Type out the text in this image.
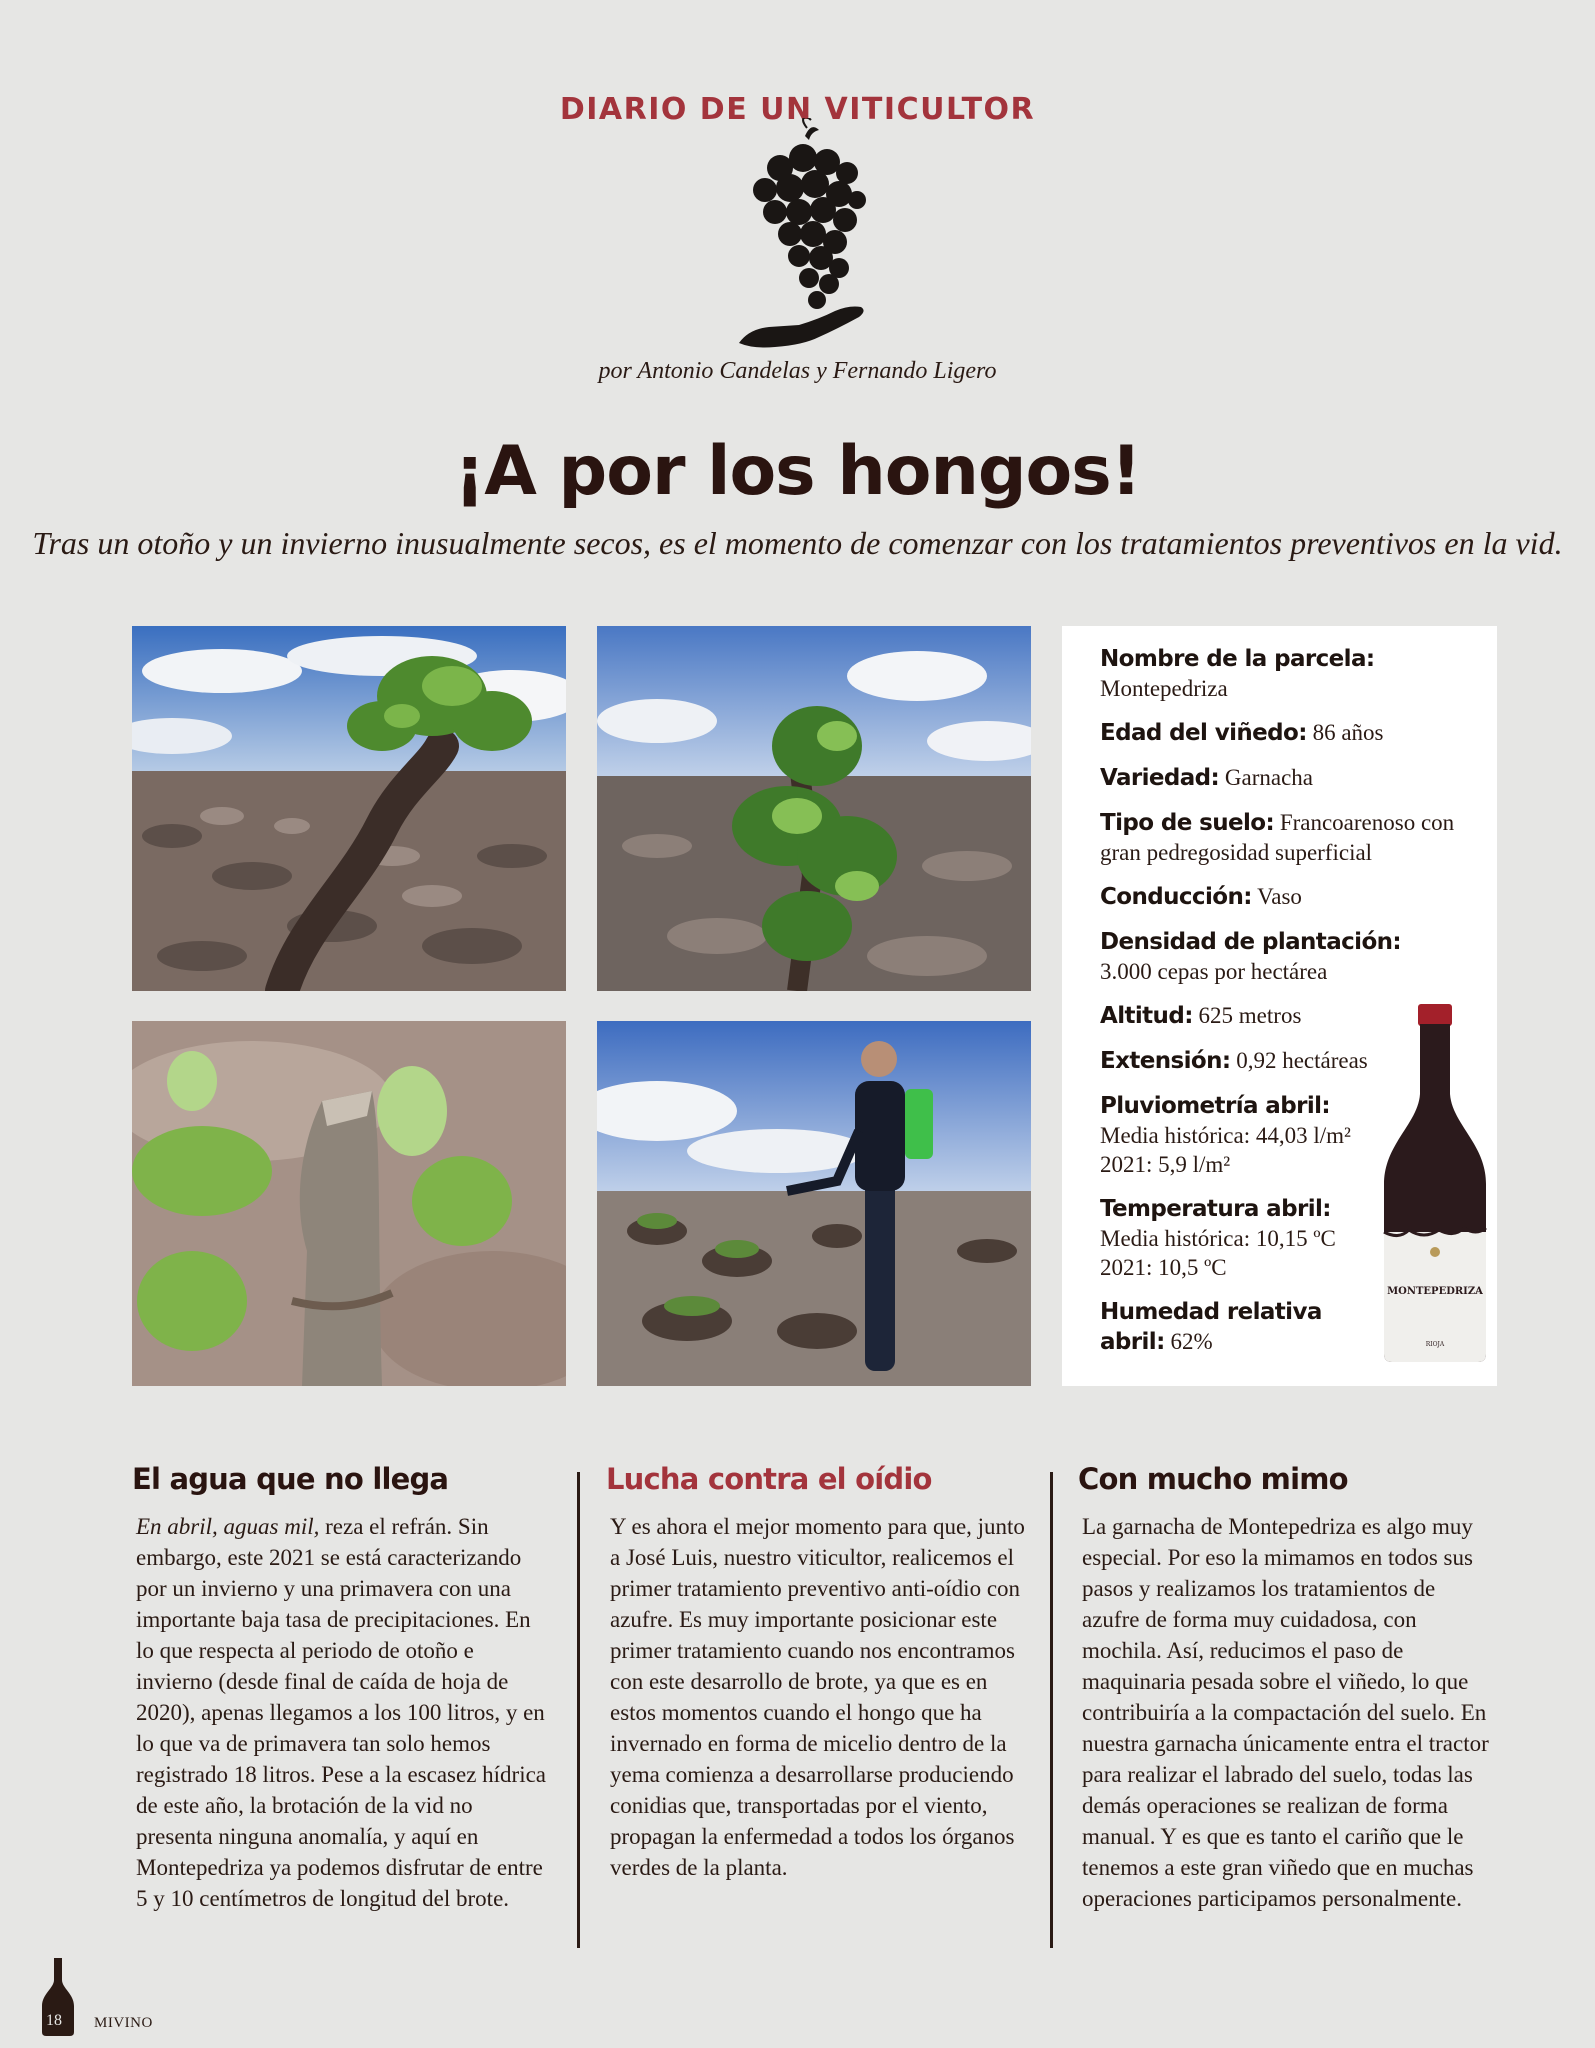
DIARIO DE UN VITICULTOR
por Antonio Candelas y Fernando Ligero
¡A por los hongos!
Tras un otoño y un invierno inusualmente secos, es el momento de comenzar con los tratamientos preventivos en la vid.
Nombre de la parcela:
Montepedriza
Edad del viñedo: 86 años
Variedad: Garnacha
Tipo de suelo: Francoarenoso con gran pedregosidad superficial
Conducción: Vaso
Densidad de plantación:
3.000 cepas por hectárea
Altitud: 625 metros
Extensión: 0,92 hectáreas
Pluviometría abril:
Media histórica: 44,03 l/m²
2021: 5,9 l/m²
Temperatura abril:
Media histórica: 10,15 ºC
2021: 10,5 ºC
Humedad relativa abril: 62%
MONTEPEDRIZA
RIOJA
El agua que no llega

En abril, aguas mil, reza el refrán. Sin embargo, este 2021 se está caracterizando por un invierno y una primavera con una importante baja tasa de precipitaciones. En lo que respecta al periodo de otoño e invierno (desde final de caída de hoja de 2020), apenas llegamos a los 100 litros, y en lo que va de primavera tan solo hemos registrado 18 litros. Pese a la escasez hídrica de este año, la brotación de la vid no presenta ninguna anomalía, y aquí en Montepedriza ya podemos disfrutar de entre 5 y 10 centímetros de longitud del brote.

Lucha contra el oídio

Y es ahora el mejor momento para que, junto a José Luis, nuestro viticultor, realicemos el primer tratamiento preventivo anti-oídio con azufre. Es muy importante posicionar este primer tratamiento cuando nos encontramos con este desarrollo de brote, ya que es en estos momentos cuando el hongo que ha invernado en forma de micelio dentro de la yema comienza a desarrollarse produciendo conidias que, transportadas por el viento, propagan la enfermedad a todos los órganos verdes de la planta.

Con mucho mimo

La garnacha de Montepedriza es algo muy especial. Por eso la mimamos en todos sus pasos y realizamos los tratamientos de azufre de forma muy cuidadosa, con mochila. Así, reducimos el paso de maquinaria pesada sobre el viñedo, lo que contribuiría a la compactación del suelo. En nuestra garnacha únicamente entra el tractor para realizar el labrado del suelo, todas las demás operaciones se realizan de forma manual. Y es que es tanto el cariño que le tenemos a este gran viñedo que en muchas operaciones participamos personalmente.

18 MIVINO
